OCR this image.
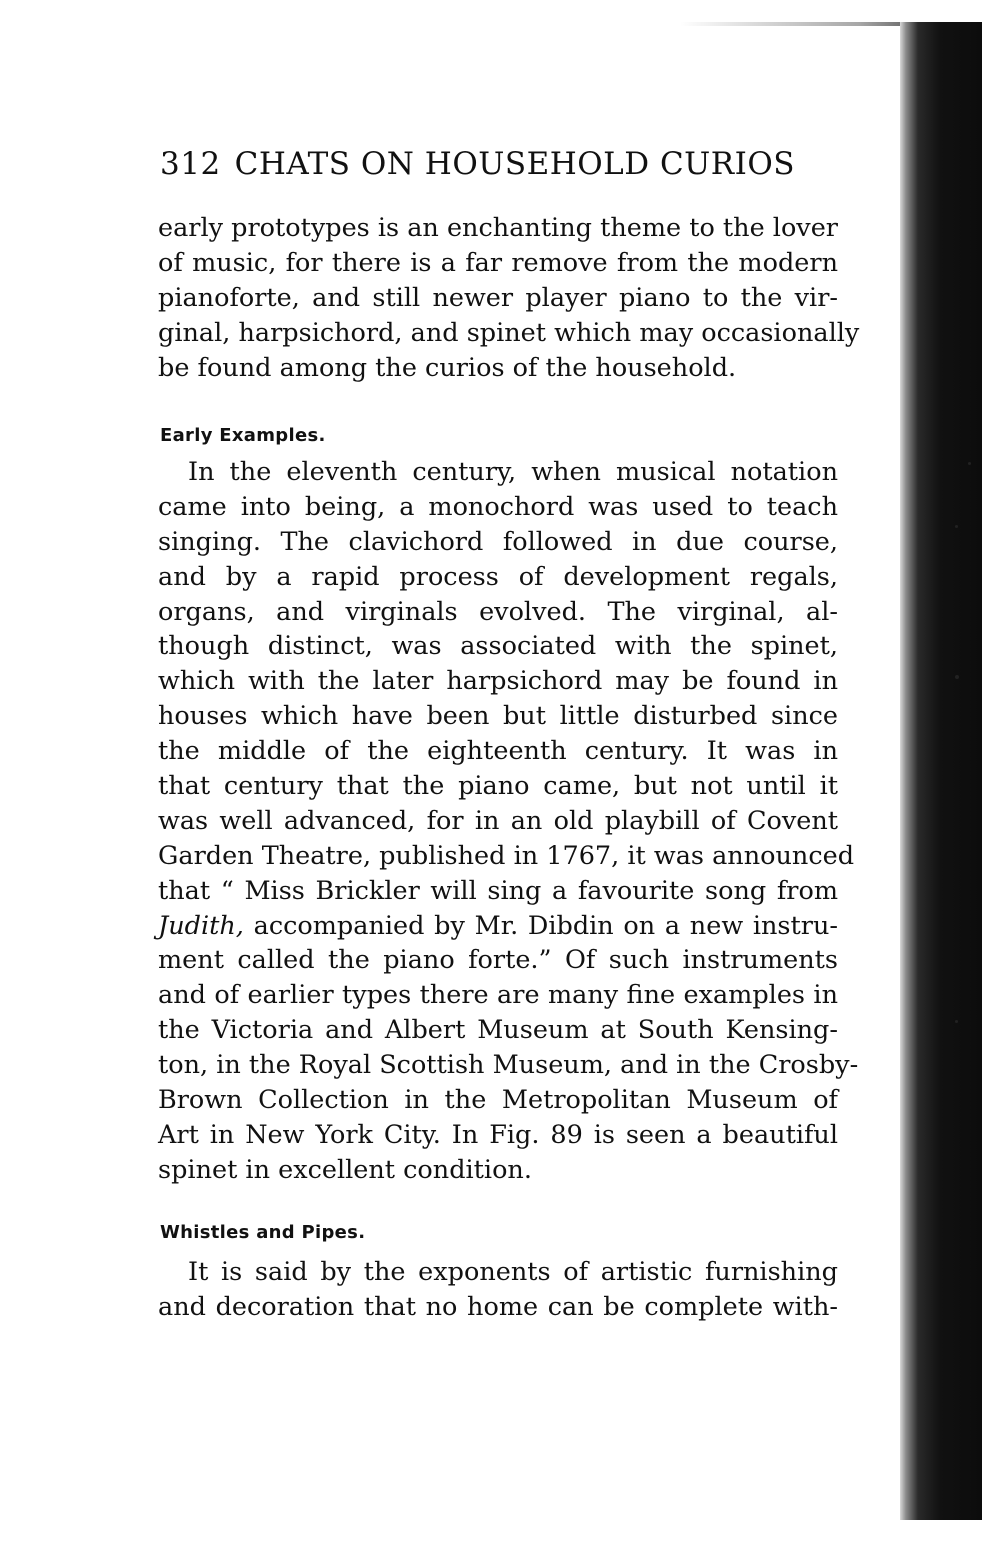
312 CHATS ON HOUSEHOLD CURIOS
early prototypes is an enchanting theme to the lover
of music, for there is a far remove from the modern
pianoforte, and still newer player piano to the vir-
ginal, harpsichord, and spinet which may occasionally
be found among the curios of the household.
Early Examples.
In the eleventh century, when musical notation
came into being, a monochord was used to teach
singing. The clavichord followed in due course,
and by a rapid process of development regals,
organs, and virginals evolved. The virginal, al-
though distinct, was associated with the spinet,
which with the later harpsichord may be found in
houses which have been but little disturbed since
the middle of the eighteenth century. It was in
that century that the piano came, but not until it
was well advanced, for in an old playbill of Covent
Garden Theatre, published in 1767, it was announced
that “ Miss Brickler will sing a favourite song from
Judith, accompanied by Mr. Dibdin on a new instru-
ment called the piano forte.” Of such instruments
and of earlier types there are many fine examples in
the Victoria and Albert Museum at South Kensing-
ton, in the Royal Scottish Museum, and in the Crosby-
Brown Collection in the Metropolitan Museum of
Art in New York City. In Fig. 89 is seen a beautiful
spinet in excellent condition.
Whistles and Pipes.
It is said by the exponents of artistic furnishing
and decoration that no home can be complete with-
